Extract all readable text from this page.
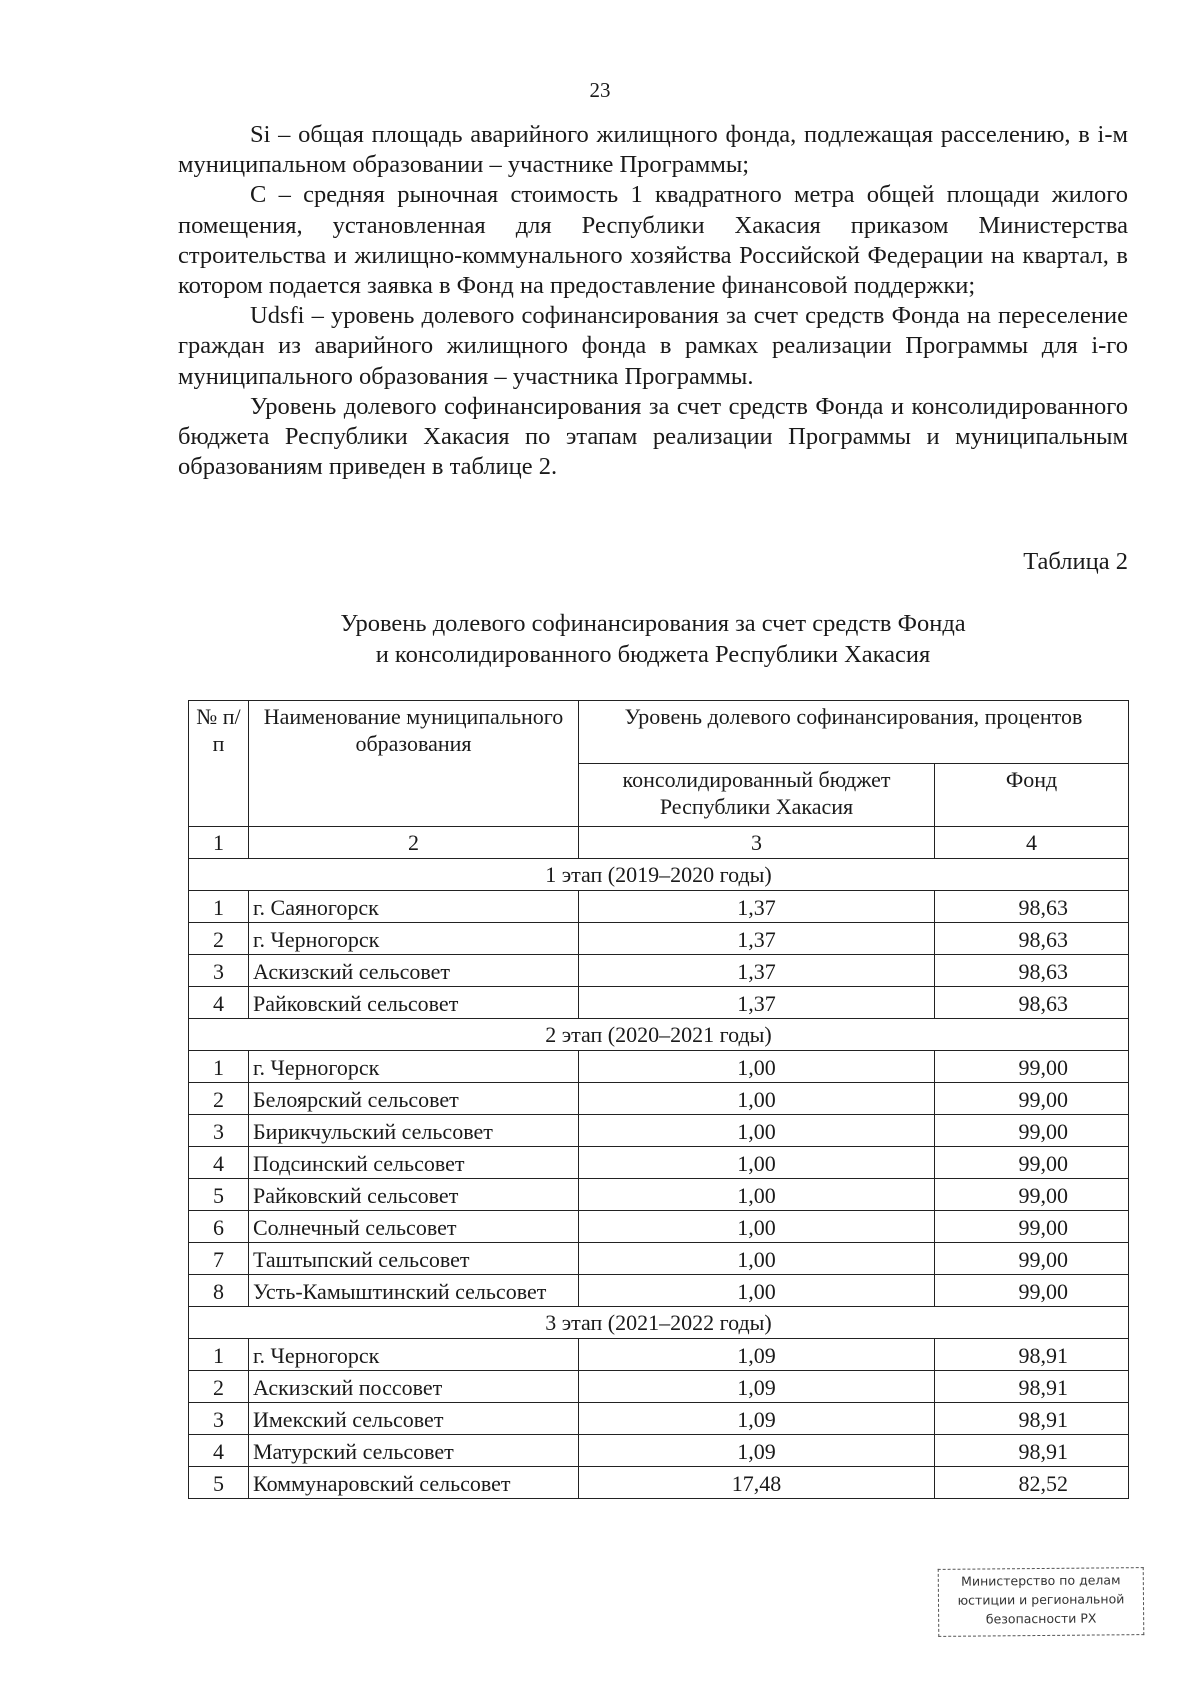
23

Si – общая площадь аварийного жилищного фонда, подлежащая расселению, в i-м муниципальном образовании – участнике Программы;

С – средняя рыночная стоимость 1 квадратного метра общей площади жилого помещения, установленная для Республики Хакасия приказом Министерства строительства и жилищно-коммунального хозяйства Российской Федерации на квартал, в котором подается заявка в Фонд на предоставление финансовой поддержки;

Udsfi – уровень долевого софинансирования за счет средств Фонда на переселение граждан из аварийного жилищного фонда в рамках реализации Программы для i-го муниципального образования – участника Программы.

Уровень долевого софинансирования за счет средств Фонда и консолидированного бюджета Республики Хакасия по этапам реализации Программы и муниципальным образованиям приведен в таблице 2.

Таблица 2
Уровень долевого софинансирования за счет средств Фонда
и консолидированного бюджета Республики Хакасия
№ п/п	Наименование муниципального образования	Уровень долевого софинансирования, процентов	
		консолидированный бюджет Республики Хакасия	Фонд
1	2	3	4
1 этап (2019–2020 годы)			
1	г. Саяногорск	1,37	98,63
2	г. Черногорск	1,37	98,63
3	Аскизский сельсовет	1,37	98,63
4	Райковский сельсовет	1,37	98,63
2 этап (2020–2021 годы)			
1	г. Черногорск	1,00	99,00
2	Белоярский сельсовет	1,00	99,00
3	Бирикчульский сельсовет	1,00	99,00
4	Подсинский сельсовет	1,00	99,00
5	Райковский сельсовет	1,00	99,00
6	Солнечный сельсовет	1,00	99,00
7	Таштыпский сельсовет	1,00	99,00
8	Усть-Камыштинский сельсовет	1,00	99,00
3 этап (2021–2022 годы)			
1	г. Черногорск	1,09	98,91
2	Аскизский поссовет	1,09	98,91
3	Имекский сельсовет	1,09	98,91
4	Матурский сельсовет	1,09	98,91
5	Коммунаровский сельсовет	17,48	82,52
Министерство по делам
юстиции и региональной
безопасности РХ
